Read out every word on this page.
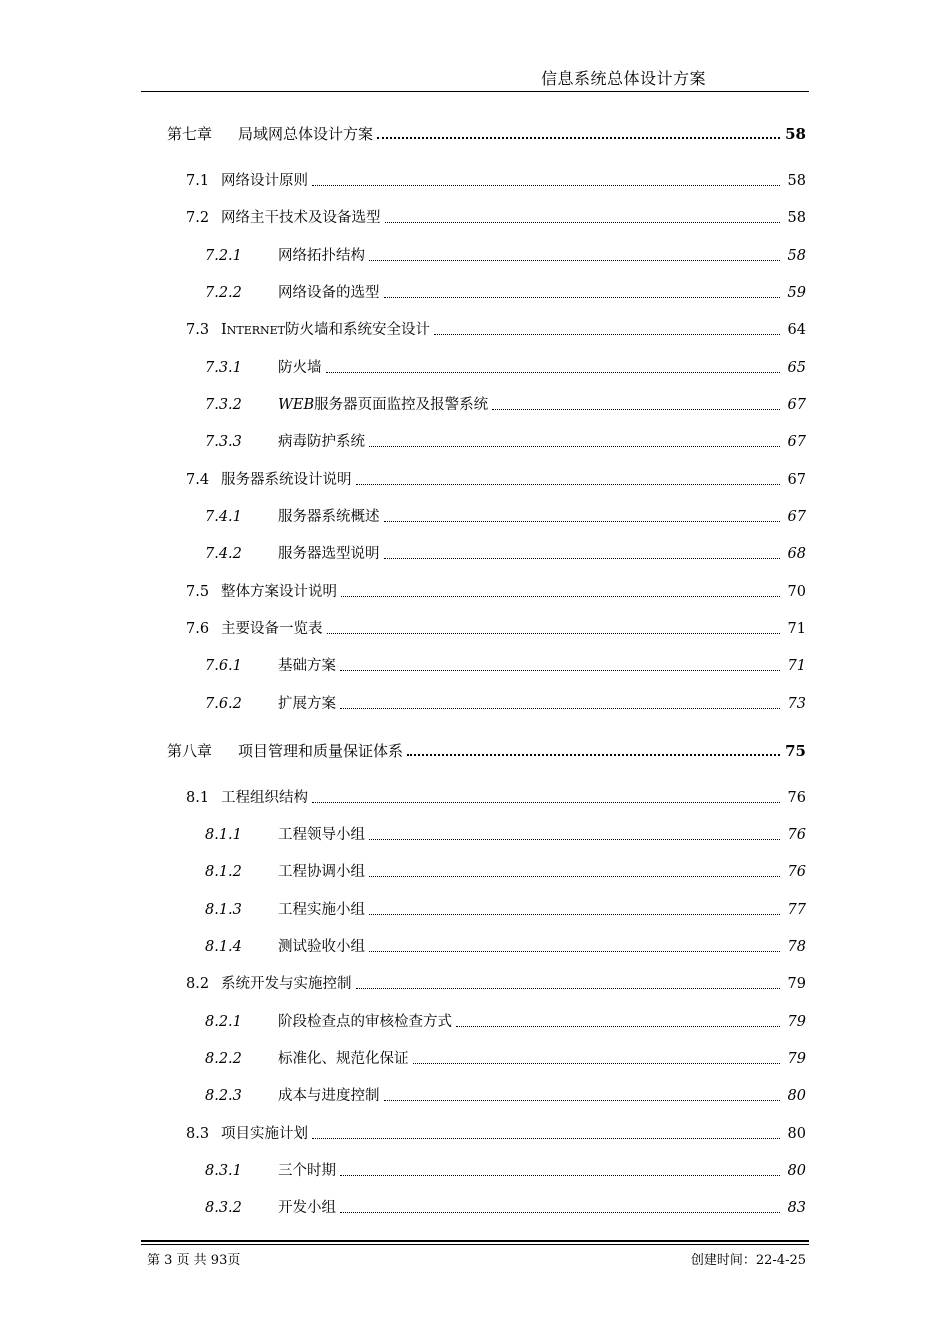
信息系统总体设计方案
第七章 局域网总体设计方案	58
7.1 网络设计原则	58
7.2 网络主干技术及设备选型	58
7.2.1 网络拓扑结构	58
7.2.2 网络设备的选型	59
7.3 INTERNET防火墙和系统安全设计	64
7.3.1 防火墙	65
7.3.2 WEB服务器页面监控及报警系统	67
7.3.3 病毒防护系统	67
7.4 服务器系统设计说明	67
7.4.1 服务器系统概述	67
7.4.2 服务器选型说明	68
7.5 整体方案设计说明	70
7.6 主要设备一览表	71
7.6.1 基础方案	71
7.6.2 扩展方案	73
第八章 项目管理和质量保证体系	75
8.1 工程组织结构	76
8.1.1 工程领导小组	76
8.1.2 工程协调小组	76
8.1.3 工程实施小组	77
8.1.4 测试验收小组	78
8.2 系统开发与实施控制	79
8.2.1 阶段检查点的审核检查方式	79
8.2.2 标准化、规范化保证	79
8.2.3 成本与进度控制	80
8.3 项目实施计划	80
8.3.1 三个时期	80
8.3.2 开发小组	83
第 3 页 共 93页	创建时间：22-4-25
